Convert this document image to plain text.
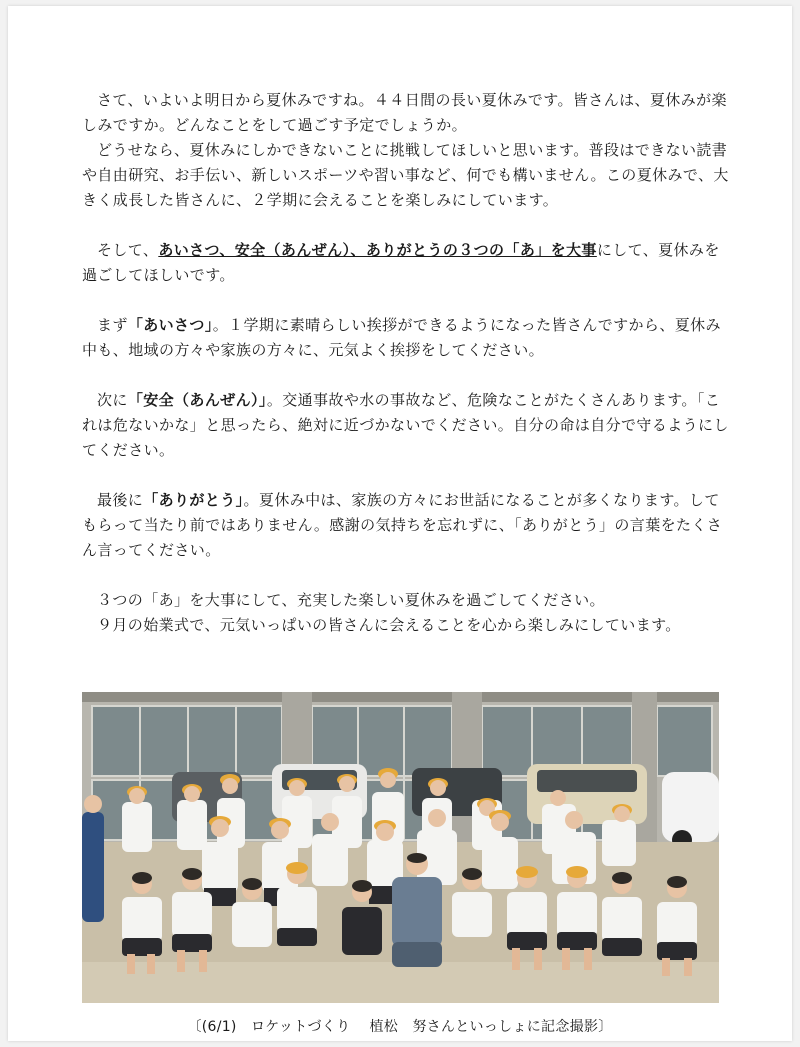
さて、いよいよ明日から夏休みですね。４４日間の長い夏休みです。皆さんは、夏休みが楽しみですか。どんなことをして過ごす予定でしょうか。

どうせなら、夏休みにしかできないことに挑戦してほしいと思います。普段はできない読書や自由研究、お手伝い、新しいスポーツや習い事など、何でも構いません。この夏休みで、大きく成長した皆さんに、２学期に会えることを楽しみにしています。

そして、あいさつ、安全（あんぜん）、ありがとうの３つの「あ」を大事にして、夏休みを過ごしてほしいです。

まず「あいさつ」。１学期に素晴らしい挨拶ができるようになった皆さんですから、夏休み中も、地域の方々や家族の方々に、元気よく挨拶をしてください。

次に「安全（あんぜん）」。交通事故や水の事故など、危険なことがたくさんあります。「これは危ないかな」と思ったら、絶対に近づかないでください。自分の命は自分で守るようにしてください。

最後に「ありがとう」。夏休み中は、家族の方々にお世話になることが多くなります。してもらって当たり前ではありません。感謝の気持ちを忘れずに、「ありがとう」の言葉をたくさん言ってください。

３つの「あ」を大事にして、充実した楽しい夏休みを過ごしてください。

９月の始業式で、元気いっぱいの皆さんに会えることを心から楽しみにしています。

〔(6/1)　ロケットづくり　 植松　努さんといっしょに記念撮影〕
